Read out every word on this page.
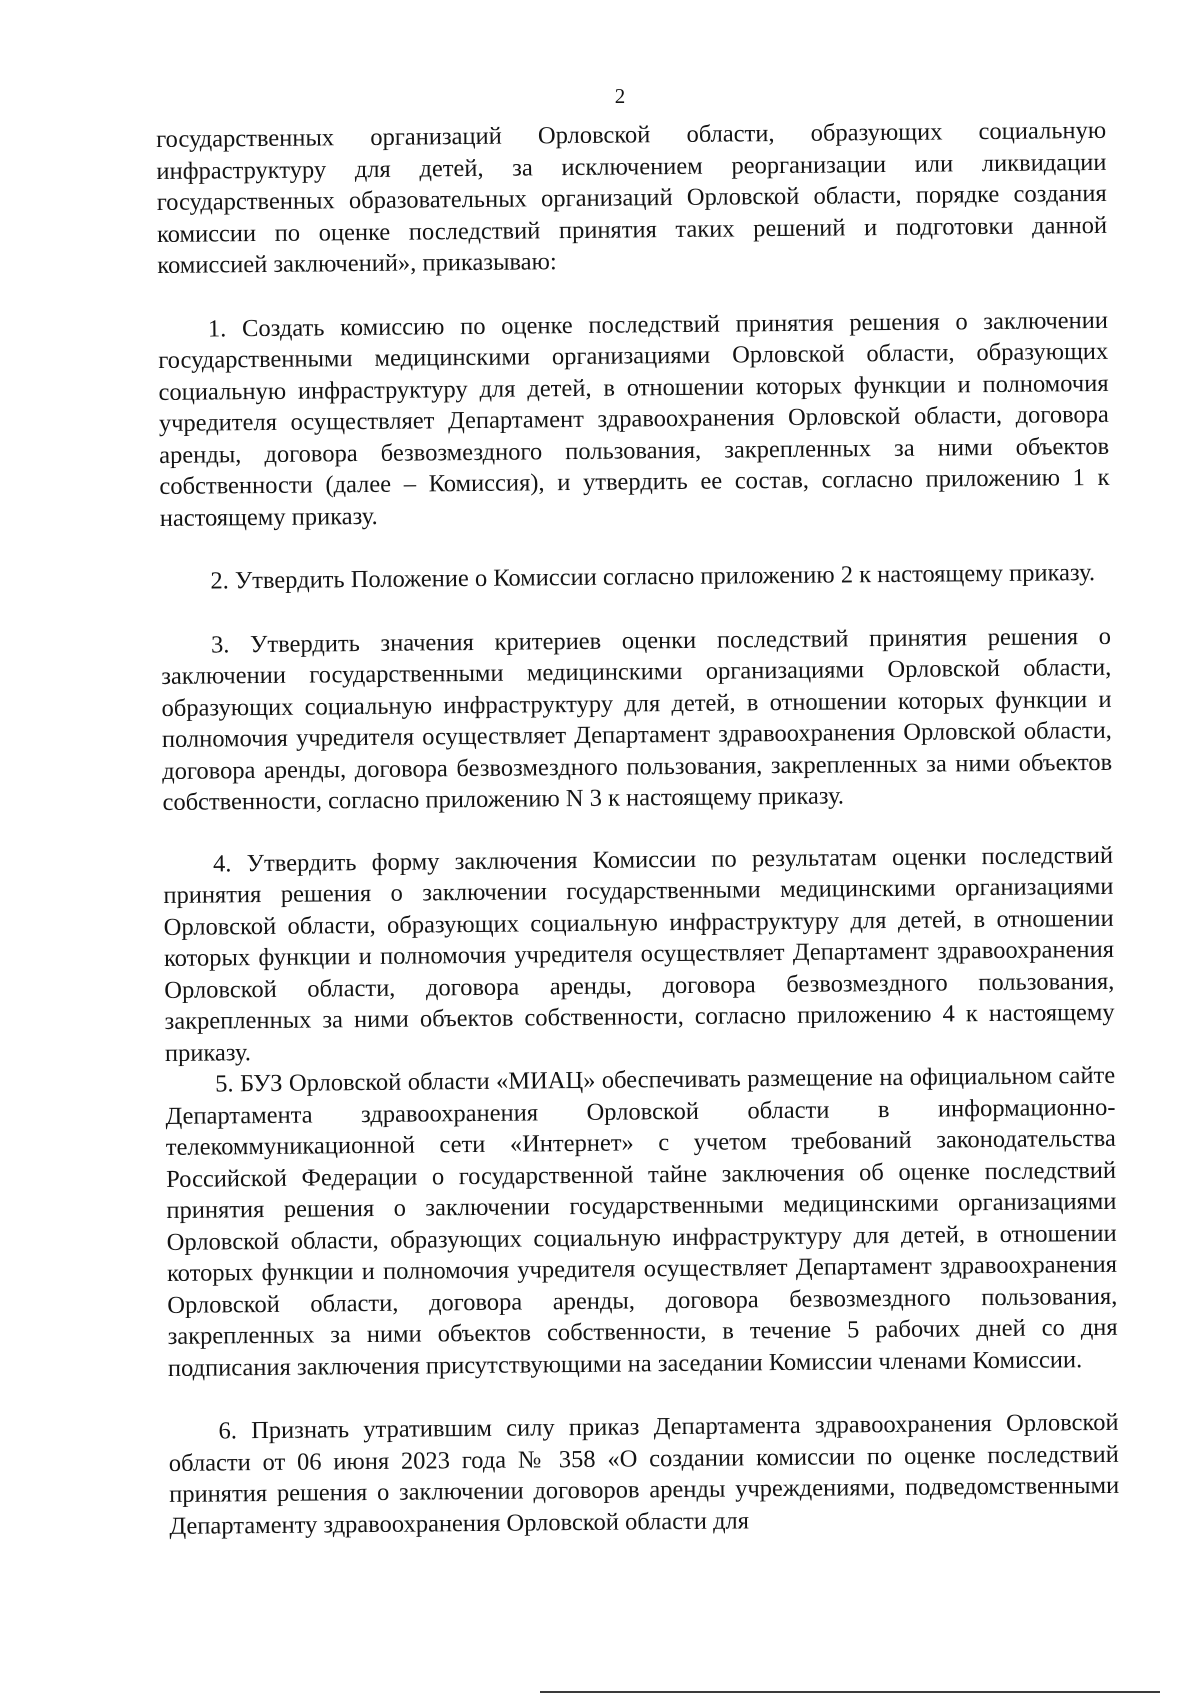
2

государственных организаций Орловской области, образующих социальную инфраструктуру для детей, за исключением реорганизации или ликвидации государственных образовательных организаций Орловской области, порядке создания комиссии по оценке последствий принятия таких решений и подготовки данной комиссией заключений», приказываю:

1. Создать комиссию по оценке последствий принятия решения о заключении государственными медицинскими организациями Орловской области, образующих социальную инфраструктуру для детей, в отношении которых функции и полномочия учредителя осуществляет Департамент здравоохранения Орловской области, договора аренды, договора безвозмездного пользования, закрепленных за ними объектов собственности (далее – Комиссия), и утвердить ее состав, согласно приложению 1 к настоящему приказу.

2. Утвердить Положение о Комиссии согласно приложению 2 к настоящему приказу.

3. Утвердить значения критериев оценки последствий принятия решения о заключении государственными медицинскими организациями Орловской области, образующих социальную инфраструктуру для детей, в отношении которых функции и полномочия учредителя осуществляет Департамент здравоохранения Орловской области, договора аренды, договора безвозмездного пользования, закрепленных за ними объектов собственности, согласно приложению N 3 к настоящему приказу.

4. Утвердить форму заключения Комиссии по результатам оценки последствий принятия решения о заключении государственными медицинскими организациями Орловской области, образующих социальную инфраструктуру для детей, в отношении которых функции и полномочия учредителя осуществляет Департамент здравоохранения Орловской области, договора аренды, договора безвозмездного пользования, закрепленных за ними объектов собственности, согласно приложению 4 к настоящему приказу.

5. БУЗ Орловской области «МИАЦ» обеспечивать размещение на официальном сайте Департамента здравоохранения Орловской области в информационно-телекоммуникационной сети «Интернет» с учетом требований законодательства Российской Федерации о государственной тайне заключения об оценке последствий принятия решения о заключении государственными медицинскими организациями Орловской области, образующих социальную инфраструктуру для детей, в отношении которых функции и полномочия учредителя осуществляет Департамент здравоохранения Орловской области, договора аренды, договора безвозмездного пользования, закрепленных за ними объектов собственности, в течение 5 рабочих дней со дня подписания заключения присутствующими на заседании Комиссии членами Комиссии.

6. Признать утратившим силу приказ Департамента здравоохранения Орловской области от 06 июня 2023 года № 358 «О создании комиссии по оценке последствий принятия решения о заключении договоров аренды учреждениями, подведомственными Департаменту здравоохранения Орловской области для
